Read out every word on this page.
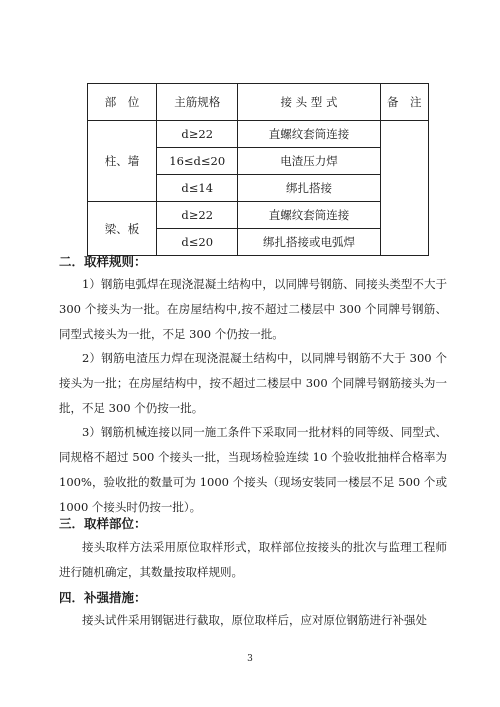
部　位	主筋规格	接 头 型 式	备　注
柱、墙	d≥22	直螺纹套筒连接	
	16≤d≤20	电渣压力焊	
	d≤14	绑扎搭接	
梁、板	d≥22	直螺纹套筒连接	
	d≤20	绑扎搭接或电弧焊	
二．取样规则：

1）钢筋电弧焊在现浇混凝土结构中，以同牌号钢筋、同接头类型不大于 300 个接头为一批。在房屋结构中,按不超过二楼层中 300 个同牌号钢筋、同型式接头为一批，不足 300 个仍按一批。

2）钢筋电渣压力焊在现浇混凝土结构中，以同牌号钢筋不大于 300 个接头为一批；在房屋结构中，按不超过二楼层中 300 个同牌号钢筋接头为一批，不足 300 个仍按一批。

3）钢筋机械连接以同一施工条件下采取同一批材料的同等级、同型式、同规格不超过 500 个接头一批，当现场检验连续 10 个验收批抽样合格率为 100%，验收批的数量可为 1000 个接头（现场安装同一楼层不足 500 个或 1000 个接头时仍按一批）。

三．取样部位：

接头取样方法采用原位取样形式，取样部位按接头的批次与监理工程师进行随机确定，其数量按取样规则。

四．补强措施：

接头试件采用钢锯进行截取，原位取样后，应对原位钢筋进行补强处

3
